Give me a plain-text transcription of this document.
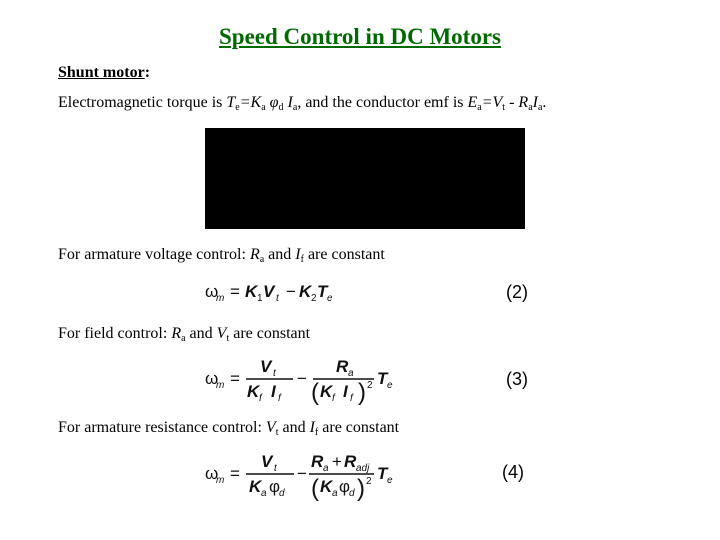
Speed Control in DC Motors
Shunt motor:
Electromagnetic torque is $T_e=K_a$ $\varphi_d$ $I_a$, and the conductor emf is $E_a=V_t - R_aI_a$.
For armature voltage control: $R_a$ and $I_f$ are constant
ω
m = K 1 V t − K 2 T e	(2)
For field control: $R_a$ and $V_t$ are constant
ω
m =
V t
K f I f
−
R a
( K f I f ) 2 T e	(3)
For armature resistance control: $V_t$ and $I_f$ are constant
ω
m =
V t
K a φ
d
−
R a + R adj
( K a φ
d ) 2 T e	(4)
